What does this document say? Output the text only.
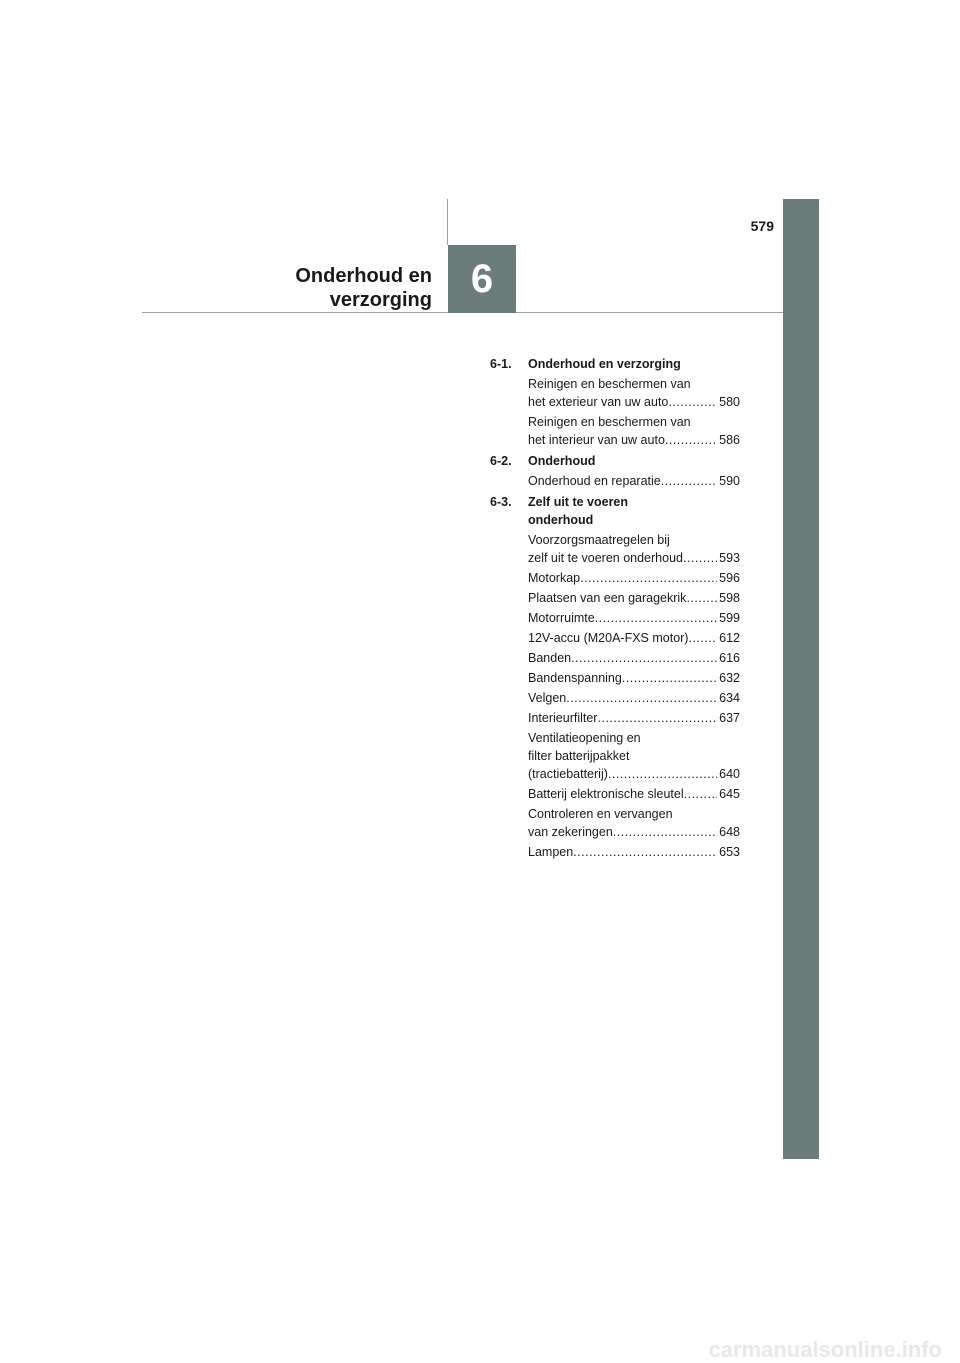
579
Onderhoud en
verzorging 6
6-1.	Onderhoud en verzorging
Reinigen en beschermen van
het exterieur van uw auto .....	580
Reinigen en beschermen van
het interieur van uw auto .....	586
6-2.	Onderhoud
Onderhoud en reparatie .....	590
6-3.	Zelf uit te voeren
onderhoud
Voorzorgsmaatregelen bij
zelf uit te voeren onderhoud .....	593
Motorkap .....	596
Plaatsen van een garagekrik .....	598
Motorruimte .....	599
12V-accu (M20A-FXS motor) ..... 612
Banden .....	616
Bandenspanning .....	632
Velgen .....	634
Interieurfilter .....	637
Ventilatieopening en
filter batterijpakket
(tractiebatterij) .....	640
Batterij elektronische sleutel .....	645
Controleren en vervangen
van zekeringen .....	648
Lampen .....	653
carmanualsonline.info
